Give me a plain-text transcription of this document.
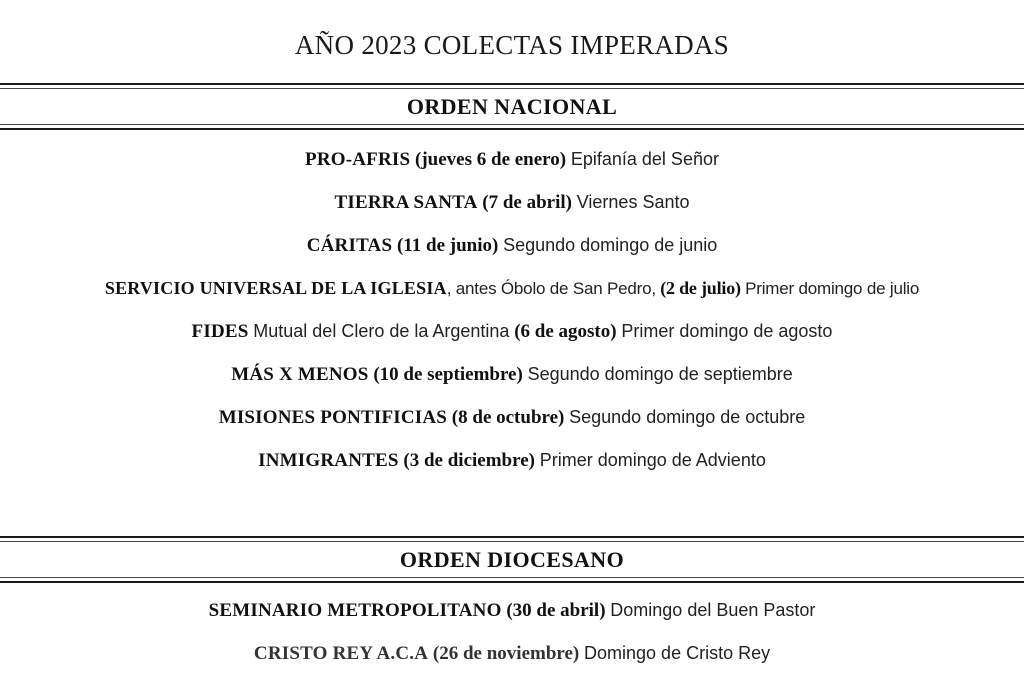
AÑO 2023 COLECTAS IMPERADAS
ORDEN NACIONAL
PRO-AFRIS (jueves 6 de enero) Epifanía del Señor
TIERRA SANTA (7 de abril) Viernes Santo
CÁRITAS (11 de junio) Segundo domingo de junio
SERVICIO UNIVERSAL DE LA IGLESIA, antes Óbolo de San Pedro, (2 de julio) Primer domingo de julio
FIDES Mutual del Clero de la Argentina (6 de agosto) Primer domingo de agosto
MÁS X MENOS (10 de septiembre) Segundo domingo de septiembre
MISIONES PONTIFICIAS (8 de octubre) Segundo domingo de octubre
INMIGRANTES (3 de diciembre) Primer domingo de Adviento
ORDEN DIOCESANO
SEMINARIO METROPOLITANO (30 de abril) Domingo del Buen Pastor
CRISTO REY A.C.A (26 de noviembre) Domingo de Cristo Rey
